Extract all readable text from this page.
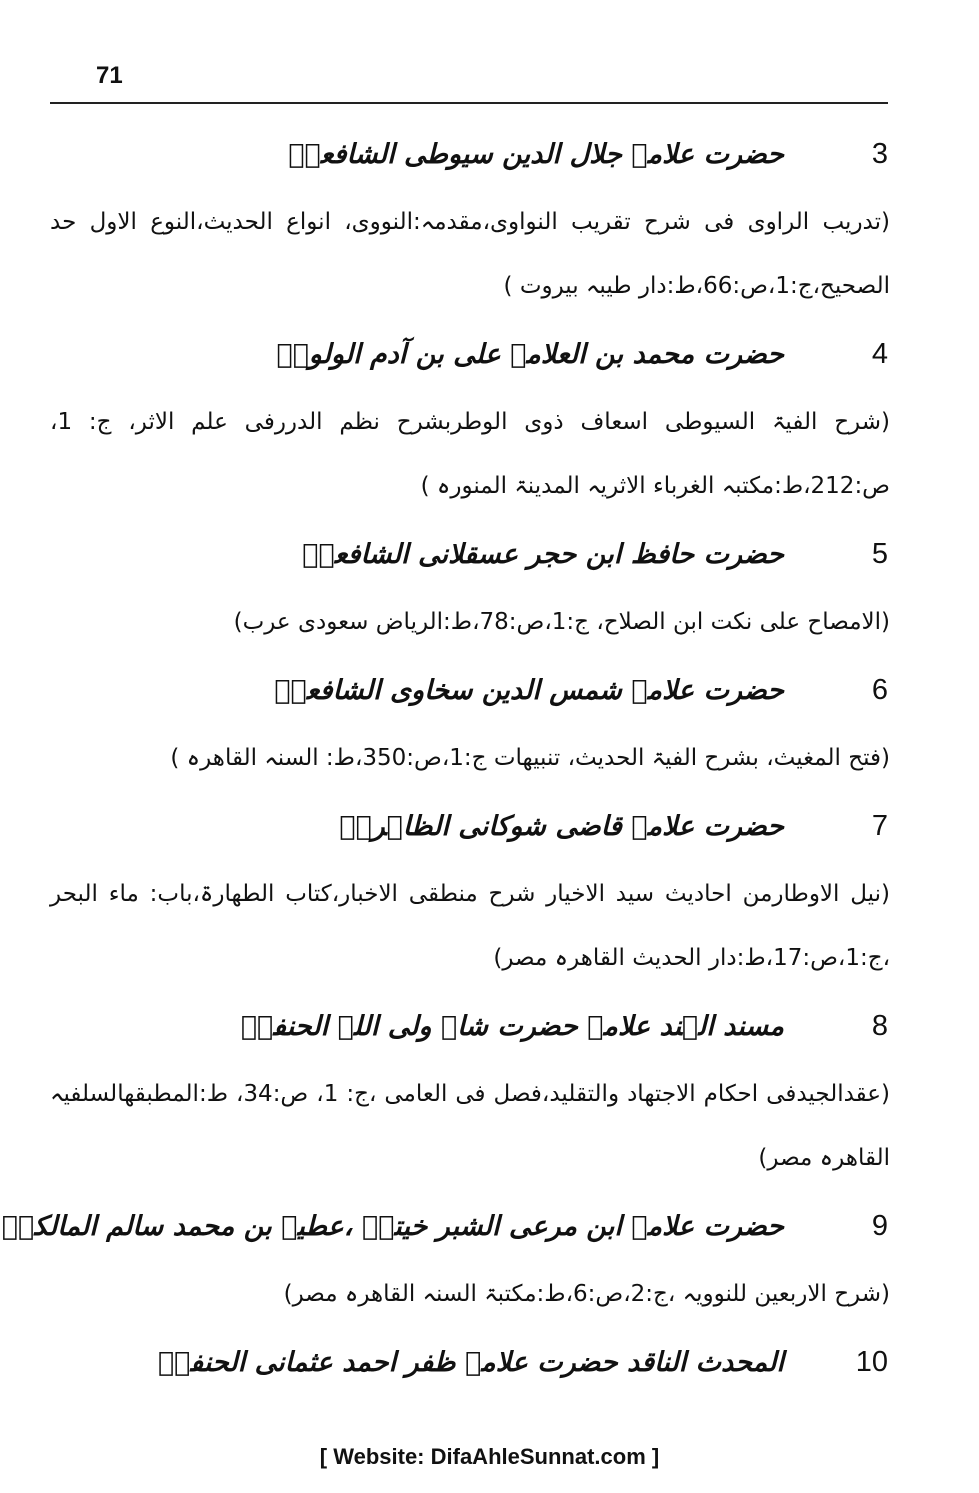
71
3
حضرت علامہ جلال الدین سیوطی الشافعیؒ

(تدریب الراوی فی شرح تقریب النواوی،مقدمہ:النووی، انواع الحدیث،النوع الاول حد الصحیح،ج:1،ص:66،ط:دار طیبہ بیروت )

4
حضرت محمد بن العلامہ علی بن آدم الولویؒ

(شرح الفیۃ السیوطی اسعاف ذوی الوطربشرح نظم الدررفی علم الاثر، ج: 1، ص:212،ط:مکتبہ الغرباء الاثریہ المدینۃ المنورہ )

5
حضرت حافظ ابن حجر عسقلانی الشافعیؒ

(الامصاح علی نکت ابن الصلاح، ج:1،ص:78،ط:الریاض سعودی عرب)

6
حضرت علامہ شمس الدین سخاوی الشافعیؒ

(فتح المغیث، بشرح الفیۃ الحدیث، تنبیھات ج:1،ص:350،ط: السنہ القاھرہ )

7
حضرت علامہ قاضی شوکانی الظاہریؒ

(نیل الاوطارمن احادیث سید الاخیار شرح منطقی الاخبار،کتاب الطھارۃ،باب: ماء البحر ،ج:1،ص:17،ط:دار الحدیث القاھرہ مصر)

8
مسند الہند علامہ حضرت شاہ ولی اللہ الحنفیؒ

(عقدالجیدفی احکام الاجتھاد والتقلید،فصل فی العامی ،ج: 1، ص:34، ط:المطبقھالسلفیہ القاھرہ مصر)

9
حضرت علامہ ابن مرعی الشبر خیتیؒ ،عطیہ بن محمد سالم المالکیؒ

(شرح الاربعین للنوویہ ،ج:2،ص:6،ط:مکتبۃ السنہ القاھرہ مصر)

10
المحدث الناقد حضرت علامہ ظفر احمد عثمانی الحنفیؒ
[ Website: DifaAhleSunnat.com ]
